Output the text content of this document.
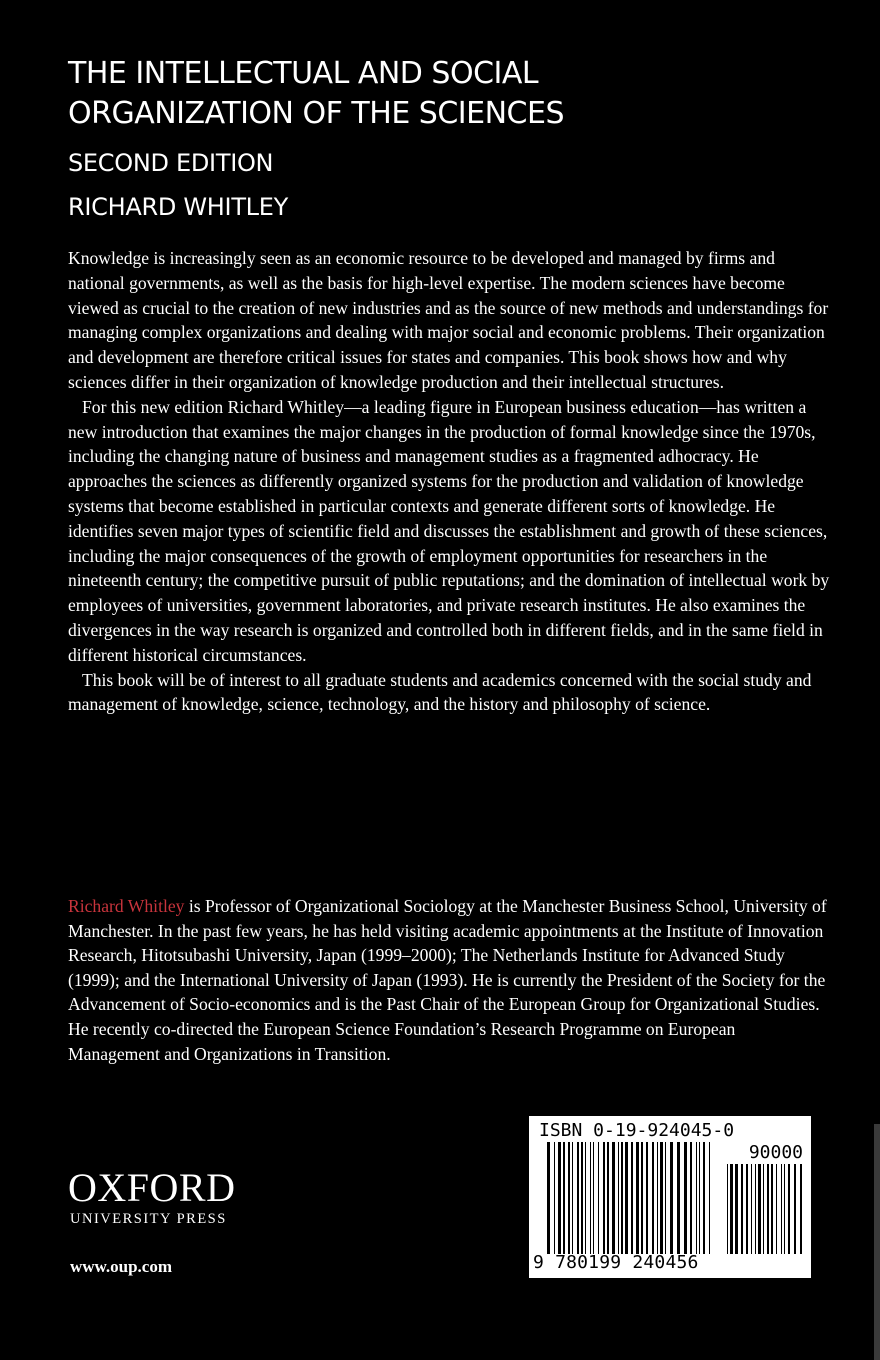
THE INTELLECTUAL AND SOCIAL
ORGANIZATION OF THE SCIENCES
SECOND EDITION
RICHARD WHITLEY

Knowledge is increasingly seen as an economic resource to be developed and managed by firms and national governments, as well as the basis for high-level expertise. The modern sciences have become viewed as crucial to the creation of new industries and as the source of new methods and understandings for managing complex organizations and dealing with major social and economic problems. Their organization and development are therefore critical issues for states and companies. This book shows how and why sciences differ in their organization of knowledge production and their intellectual structures.

For this new edition Richard Whitley—a leading figure in European business education—has written a new introduction that examines the major changes in the production of formal knowledge since the 1970s, including the changing nature of business and management studies as a fragmented adhocracy. He approaches the sciences as differently organized systems for the production and validation of knowledge systems that become established in particular contexts and generate different sorts of knowledge. He identifies seven major types of scientific field and discusses the establishment and growth of these sciences, including the major consequences of the growth of employment opportunities for researchers in the nineteenth century; the competitive pursuit of public reputations; and the domination of intellectual work by employees of universities, government laboratories, and private research institutes. He also examines the divergences in the way research is organized and controlled both in different fields, and in the same field in different historical circumstances.

This book will be of interest to all graduate students and academics concerned with the social study and management of knowledge, science, technology, and the history and philosophy of science.

Richard Whitley is Professor of Organizational Sociology at the Manchester Business School, University of Manchester. In the past few years, he has held visiting academic appointments at the Institute of Innovation Research, Hitotsubashi University, Japan (1999–2000); The Netherlands Institute for Advanced Study (1999); and the International University of Japan (1993). He is currently the President of the Society for the Advancement of Socio-economics and is the Past Chair of the European Group for Organizational Studies. He recently co-directed the European Science Foundation’s Research Programme on European Management and Organizations in Transition.

OXFORD
UNIVERSITY PRESS
www.oup.com
ISBN 0-19-924045-0
90000
9 780199 240456
